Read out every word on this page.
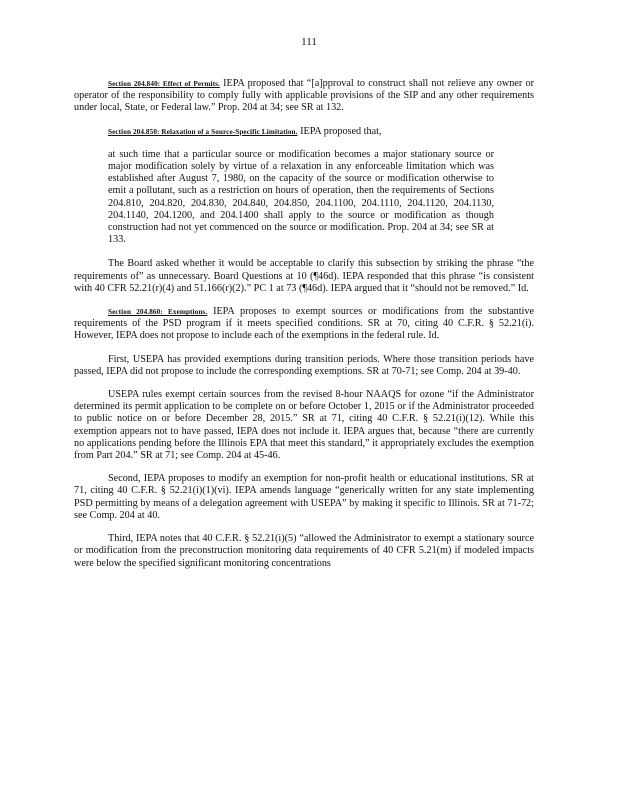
111

Section 204.840: Effect of Permits. IEPA proposed that “[a]pproval to construct shall not relieve any owner or operator of the responsibility to comply fully with applicable provisions of the SIP and any other requirements under local, State, or Federal law.” Prop. 204 at 34; see SR at 132.

Section 204.850: Relaxation of a Source-Specific Limitation. IEPA proposed that,

at such time that a particular source or modification becomes a major stationary source or major modification solely by virtue of a relaxation in any enforceable limitation which was established after August 7, 1980, on the capacity of the source or modification otherwise to emit a pollutant, such as a restriction on hours of operation, then the requirements of Sections 204.810, 204.820, 204.830, 204.840, 204.850, 204.1100, 204.1110, 204.1120, 204.1130, 204.1140, 204.1200, and 204.1400 shall apply to the source or modification as though construction had not yet commenced on the source or modification. Prop. 204 at 34; see SR at 133.

The Board asked whether it would be acceptable to clarify this subsection by striking the phrase “the requirements of” as unnecessary. Board Questions at 10 (¶46d). IEPA responded that this phrase “is consistent with 40 CFR 52.21(r)(4) and 51.166(r)(2).” PC 1 at 73 (¶46d). IEPA argued that it “should not be removed.” Id.

Section 204.860: Exemptions. IEPA proposes to exempt sources or modifications from the substantive requirements of the PSD program if it meets specified conditions. SR at 70, citing 40 C.F.R. § 52.21(i). However, IEPA does not propose to include each of the exemptions in the federal rule. Id.

First, USEPA has provided exemptions during transition periods. Where those transition periods have passed, IEPA did not propose to include the corresponding exemptions. SR at 70-71; see Comp. 204 at 39-40.

USEPA rules exempt certain sources from the revised 8-hour NAAQS for ozone “if the Administrator determined its permit application to be complete on or before October 1, 2015 or if the Administrator proceeded to public notice on or before December 28, 2015.” SR at 71, citing 40 C.F.R. § 52.21(i)(12). While this exemption appears not to have passed, IEPA does not include it. IEPA argues that, because “there are currently no applications pending before the Illinois EPA that meet this standard,” it appropriately excludes the exemption from Part 204.” SR at 71; see Comp. 204 at 45-46.

Second, IEPA proposes to modify an exemption for non-profit health or educational institutions. SR at 71, citing 40 C.F.R. § 52.21(i)(1)(vi). IEPA amends language “generically written for any state implementing PSD permitting by means of a delegation agreement with USEPA” by making it specific to Illinois. SR at 71-72; see Comp. 204 at 40.

Third, IEPA notes that 40 C.F.R. § 52.21(i)(5) “allowed the Administrator to exempt a stationary source or modification from the preconstruction monitoring data requirements of 40 CFR 5.21(m) if modeled impacts were below the specified significant monitoring concentrations
